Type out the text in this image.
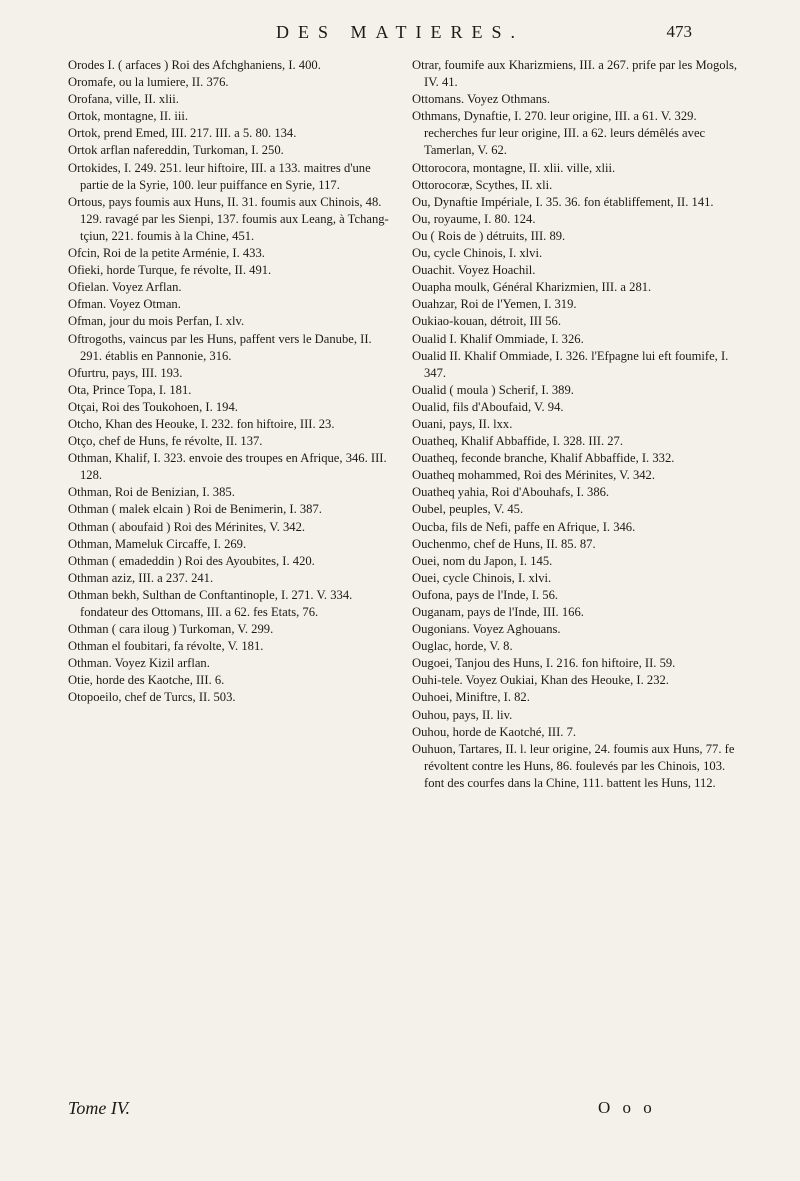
DES MATIERES.	473

Orodes I. ( arfaces ) Roi des Afchghaniens, I. 400.

Oromafe, ou la lumiere, II. 376.

Orofana, ville, II. xlii.

Ortok, montagne, II. iii.

Ortok, prend Emed, III. 217. III. a 5. 80. 134.

Ortok arflan nafereddin, Turkoman, I. 250.

Ortokides, I. 249. 251. leur hiftoire, III. a 133. maitres d'une partie de la Syrie, 100. leur puiffance en Syrie, 117.

Ortous, pays foumis aux Huns, II. 31. foumis aux Chinois, 48. 129. ravagé par les Sienpi, 137. foumis aux Leang, à Tchang-tçiun, 221. foumis à la Chine, 451.

Ofcin, Roi de la petite Arménie, I. 433.

Ofieki, horde Turque, fe révolte, II. 491.

Ofielan. Voyez Arflan.

Ofman. Voyez Otman.

Ofman, jour du mois Perfan, I. xlv.

Oftrogoths, vaincus par les Huns, paffent vers le Danube, II. 291. établis en Pannonie, 316.

Ofurtru, pays, III. 193.

Ota, Prince Topa, I. 181.

Otçai, Roi des Toukohoen, I. 194.

Otcho, Khan des Heouke, I. 232. fon hiftoire, III. 23.

Otço, chef de Huns, fe révolte, II. 137.

Othman, Khalif, I. 323. envoie des troupes en Afrique, 346. III. 128.

Othman, Roi de Benizian, I. 385.

Othman ( malek elcain ) Roi de Benimerin, I. 387.

Othman ( aboufaid ) Roi des Mérinites, V. 342.

Othman, Mameluk Circaffe, I. 269.

Othman ( emadeddin ) Roi des Ayoubites, I. 420.

Othman aziz, III. a 237. 241.

Othman bekh, Sulthan de Conftantinople, I. 271. V. 334. fondateur des Ottomans, III. a 62. fes Etats, 76.

Othman ( cara iloug ) Turkoman, V. 299.

Othman el foubitari, fa révolte, V. 181.

Othman. Voyez Kizil arflan.

Otie, horde des Kaotche, III. 6.

Otopoeilo, chef de Turcs, II. 503.

Otrar, foumife aux Kharizmiens, III. a 267. prife par les Mogols, IV. 41.

Ottomans. Voyez Othmans.

Othmans, Dynaftie, I. 270. leur origine, III. a 61. V. 329. recherches fur leur origine, III. a 62. leurs démêlés avec Tamerlan, V. 62.

Ottorocora, montagne, II. xlii. ville, xlii.

Ottorocoræ, Scythes, II. xli.

Ou, Dynaftie Impériale, I. 35. 36. fon établiffement, II. 141.

Ou, royaume, I. 80. 124.

Ou ( Rois de ) détruits, III. 89.

Ou, cycle Chinois, I. xlvi.

Ouachit. Voyez Hoachil.

Ouapha moulk, Général Kharizmien, III. a 281.

Ouahzar, Roi de l'Yemen, I. 319.

Oukiao-kouan, détroit, III 56.

Oualid I. Khalif Ommiade, I. 326.

Oualid II. Khalif Ommiade, I. 326. l'Efpagne lui eft foumife, I. 347.

Oualid ( moula ) Scherif, I. 389.

Oualid, fils d'Aboufaid, V. 94.

Ouani, pays, II. lxx.

Ouatheq, Khalif Abbaffide, I. 328. III. 27.

Ouatheq, feconde branche, Khalif Abbaffide, I. 332.

Ouatheq mohammed, Roi des Mérinites, V. 342.

Ouatheq yahia, Roi d'Abouhafs, I. 386.

Oubel, peuples, V. 45.

Oucba, fils de Nefi, paffe en Afrique, I. 346.

Ouchenmo, chef de Huns, II. 85. 87.

Ouei, nom du Japon, I. 145.

Ouei, cycle Chinois, I. xlvi.

Oufona, pays de l'Inde, I. 56.

Ouganam, pays de l'Inde, III. 166.

Ougonians. Voyez Aghouans.

Ouglac, horde, V. 8.

Ougoei, Tanjou des Huns, I. 216. fon hiftoire, II. 59.

Ouhi-tele. Voyez Oukiai, Khan des Heouke, I. 232.

Ouhoei, Miniftre, I. 82.

Ouhou, pays, II. liv.

Ouhou, horde de Kaotché, III. 7.

Ouhuon, Tartares, II. l. leur origine, 24. foumis aux Huns, 77. fe révoltent contre les Huns, 86. foulevés par les Chinois, 103. font des courfes dans la Chine, 111. battent les Huns, 112.

Tome IV.	O o o
